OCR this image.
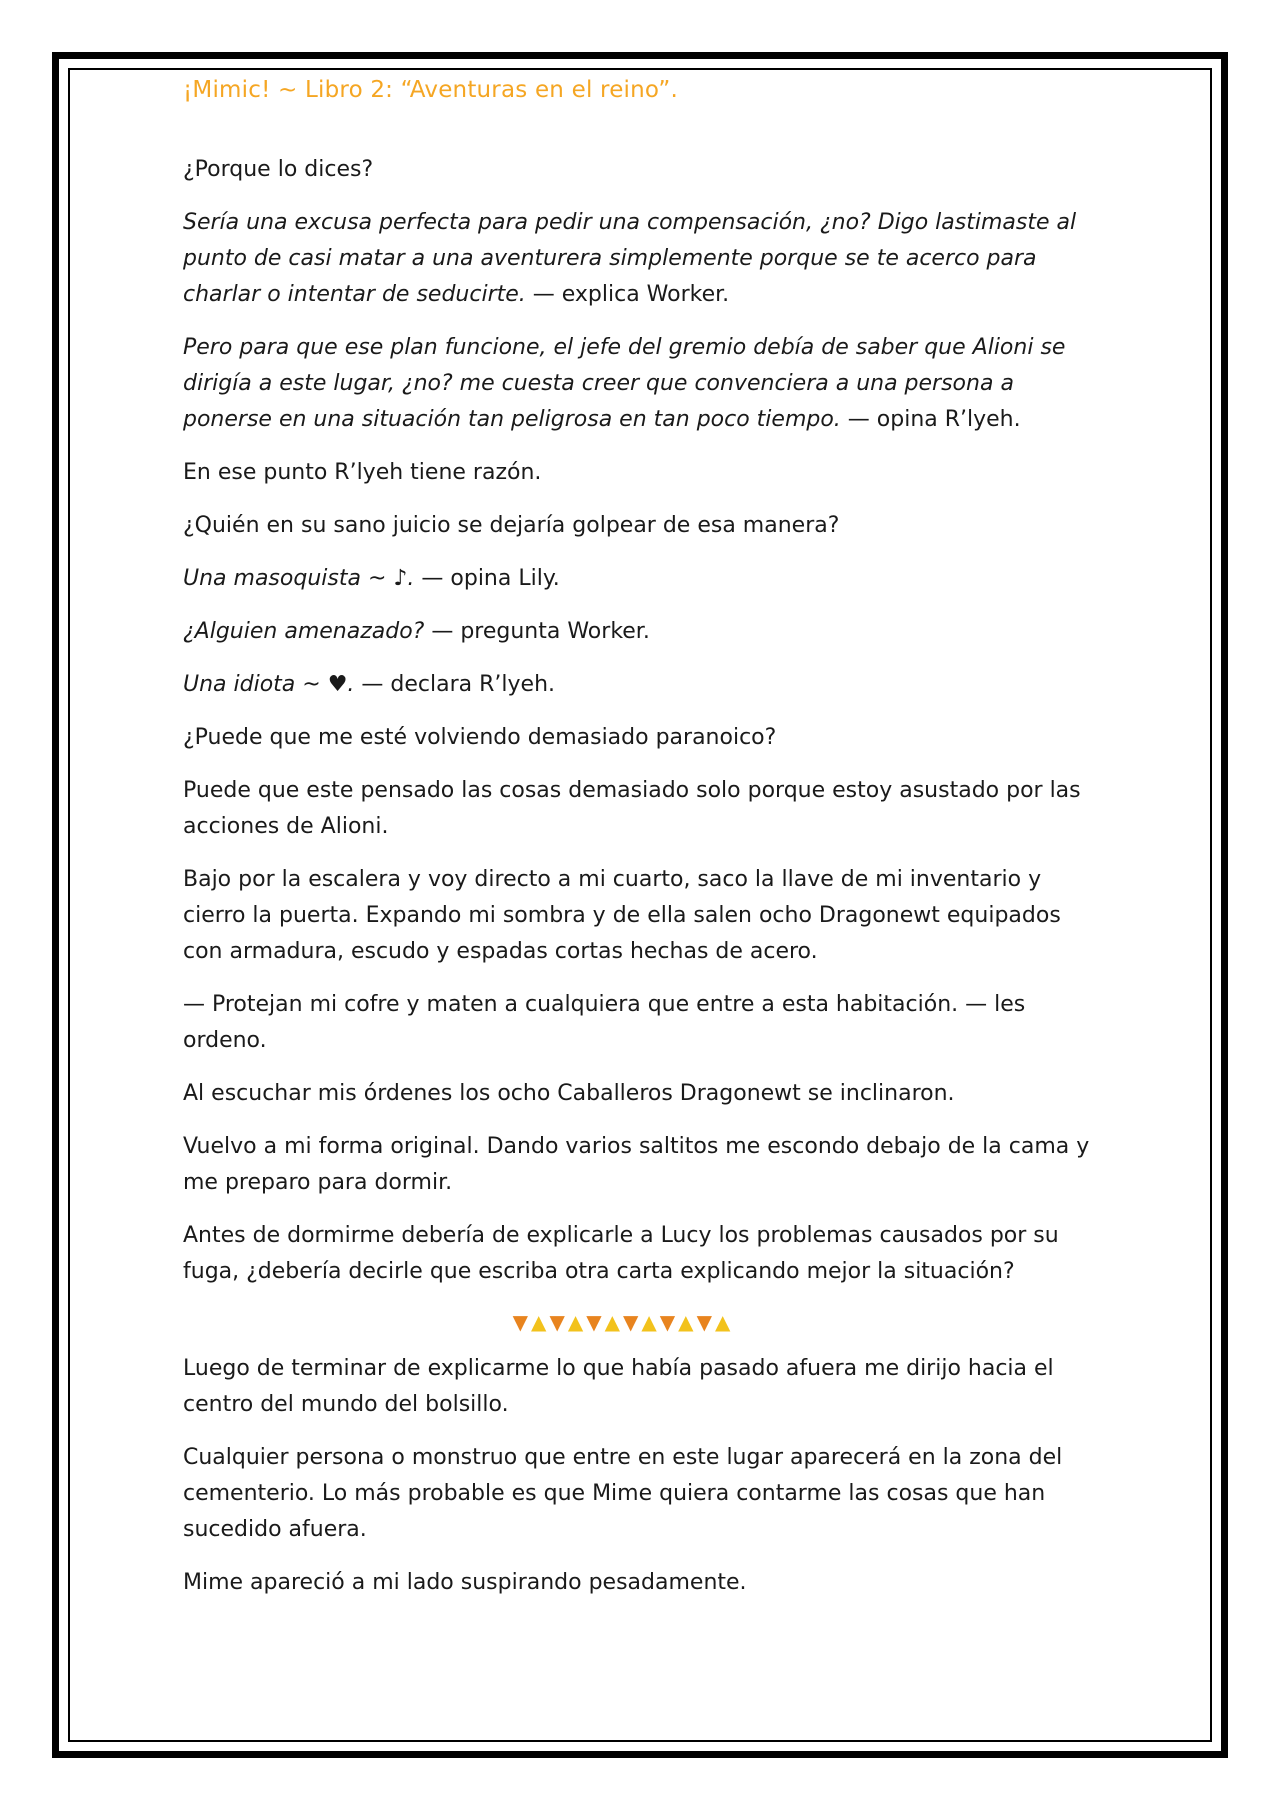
¡Mimic! ~ Libro 2: “Aventuras en el reino”.

¿Porque lo dices?

Sería una excusa perfecta para pedir una compensación, ¿no? Digo lastimaste al punto de casi matar a una aventurera simplemente porque se te acerco para charlar o intentar de seducirte. — explica Worker.

Pero para que ese plan funcione, el jefe del gremio debía de saber que Alioni se dirigía a este lugar, ¿no? me cuesta creer que convenciera a una persona a ponerse en una situación tan peligrosa en tan poco tiempo. — opina R’lyeh.

En ese punto R’lyeh tiene razón.

¿Quién en su sano juicio se dejaría golpear de esa manera?

Una masoquista ~ ♪. — opina Lily.

¿Alguien amenazado? — pregunta Worker.

Una idiota ~ ♥. — declara R’lyeh.

¿Puede que me esté volviendo demasiado paranoico?

Puede que este pensado las cosas demasiado solo porque estoy asustado por las acciones de Alioni.

Bajo por la escalera y voy directo a mi cuarto, saco la llave de mi inventario y cierro la puerta. Expando mi sombra y de ella salen ocho Dragonewt equipados con armadura, escudo y espadas cortas hechas de acero.

— Protejan mi cofre y maten a cualquiera que entre a esta habitación. — les ordeno.

Al escuchar mis órdenes los ocho Caballeros Dragonewt se inclinaron.

Vuelvo a mi forma original. Dando varios saltitos me escondo debajo de la cama y me preparo para dormir.

Antes de dormirme debería de explicarle a Lucy los problemas causados por su fuga, ¿debería decirle que escriba otra carta explicando mejor la situación?

▼▲▼▲▼▲▼▲▼▲▼▲

Luego de terminar de explicarme lo que había pasado afuera me dirijo hacia el centro del mundo del bolsillo.

Cualquier persona o monstruo que entre en este lugar aparecerá en la zona del cementerio. Lo más probable es que Mime quiera contarme las cosas que han sucedido afuera.

Mime apareció a mi lado suspirando pesadamente.
